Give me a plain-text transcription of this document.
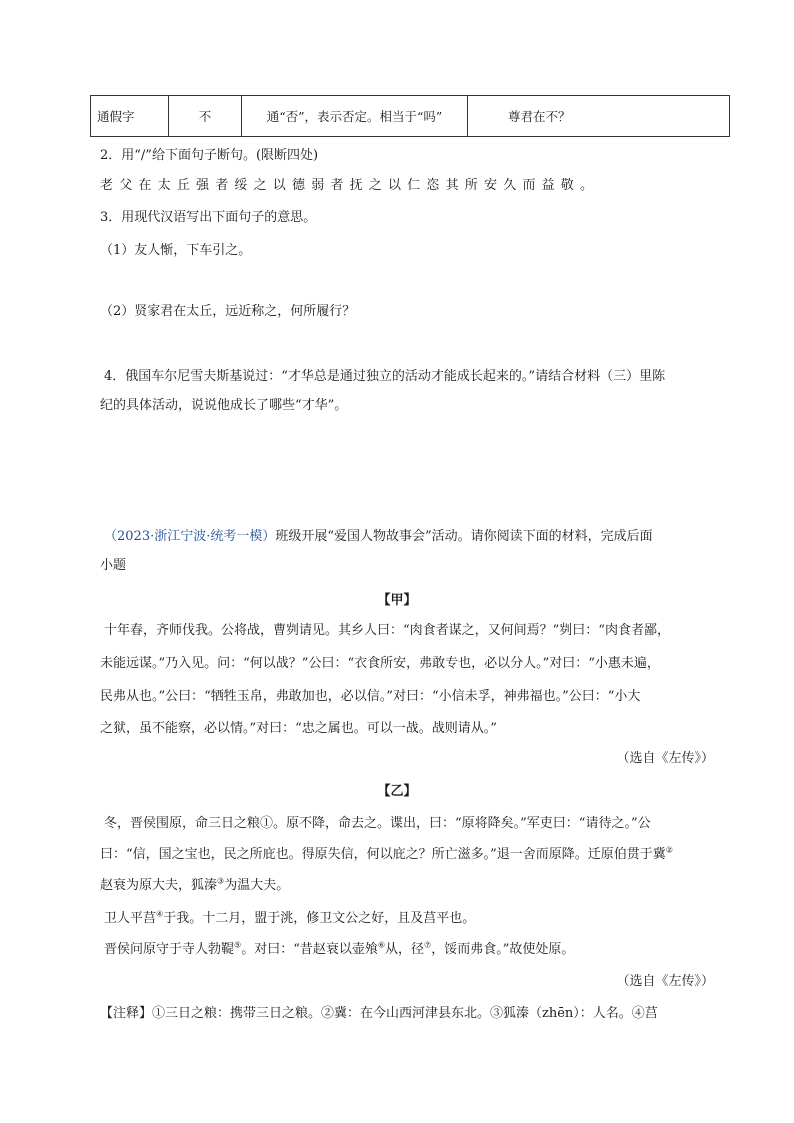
通假字	不	通“否”，表示否定。相当于“吗”	尊君在不？
2．用“/”给下面句子断句。(限断四处)
老父在太丘强者绥之以德弱者抚之以仁恣其所安久而益敬。
3．用现代汉语写出下面句子的意思。
（1）友人惭，下车引之。
（2）贤家君在太丘，远近称之，何所履行？
4．俄国车尔尼雪夫斯基说过：“才华总是通过独立的活动才能成长起来的。”请结合材料（三）里陈
纪的具体活动，说说他成长了哪些“才华”。
（2023·浙江宁波·统考一模）班级开展“爱国人物故事会”活动。请你阅读下面的材料，完成后面
小题
【甲】
十年春，齐师伐我。公将战，曹刿请见。其乡人曰：“肉食者谋之，又何间焉？”刿曰：“肉食者鄙，
未能远谋。”乃入见。问：“何以战？”公曰：“衣食所安，弗敢专也，必以分人。”对曰：“小惠未遍，
民弗从也。”公曰：“牺牲玉帛，弗敢加也，必以信。”对曰：“小信未孚，神弗福也。”公曰：“小大
之狱，虽不能察，必以情。”对曰：“忠之属也。可以一战。战则请从。”
（选自《左传》）
【乙】
冬，晋侯围原，命三日之粮①。原不降，命去之。谍出，曰：“原将降矣。”军吏曰：“请待之。”公
曰：“信，国之宝也，民之所庇也。得原失信，何以庇之？所亡滋多。”退一舍而原降。迁原伯贯于冀②
赵衰为原大夫，狐溱③为温大夫。
卫人平莒④于我。十二月，盟于洮，修卫文公之好，且及莒平也。
晋侯问原守于寺人勃鞮⑤。对曰：“昔赵衰以壶飧⑥从，径⑦，馁而弗食。”故使处原。
（选自《左传》）
【注释】①三日之粮：携带三日之粮。②冀：在今山西河津县东北。③狐溱（zhēn）：人名。④莒
